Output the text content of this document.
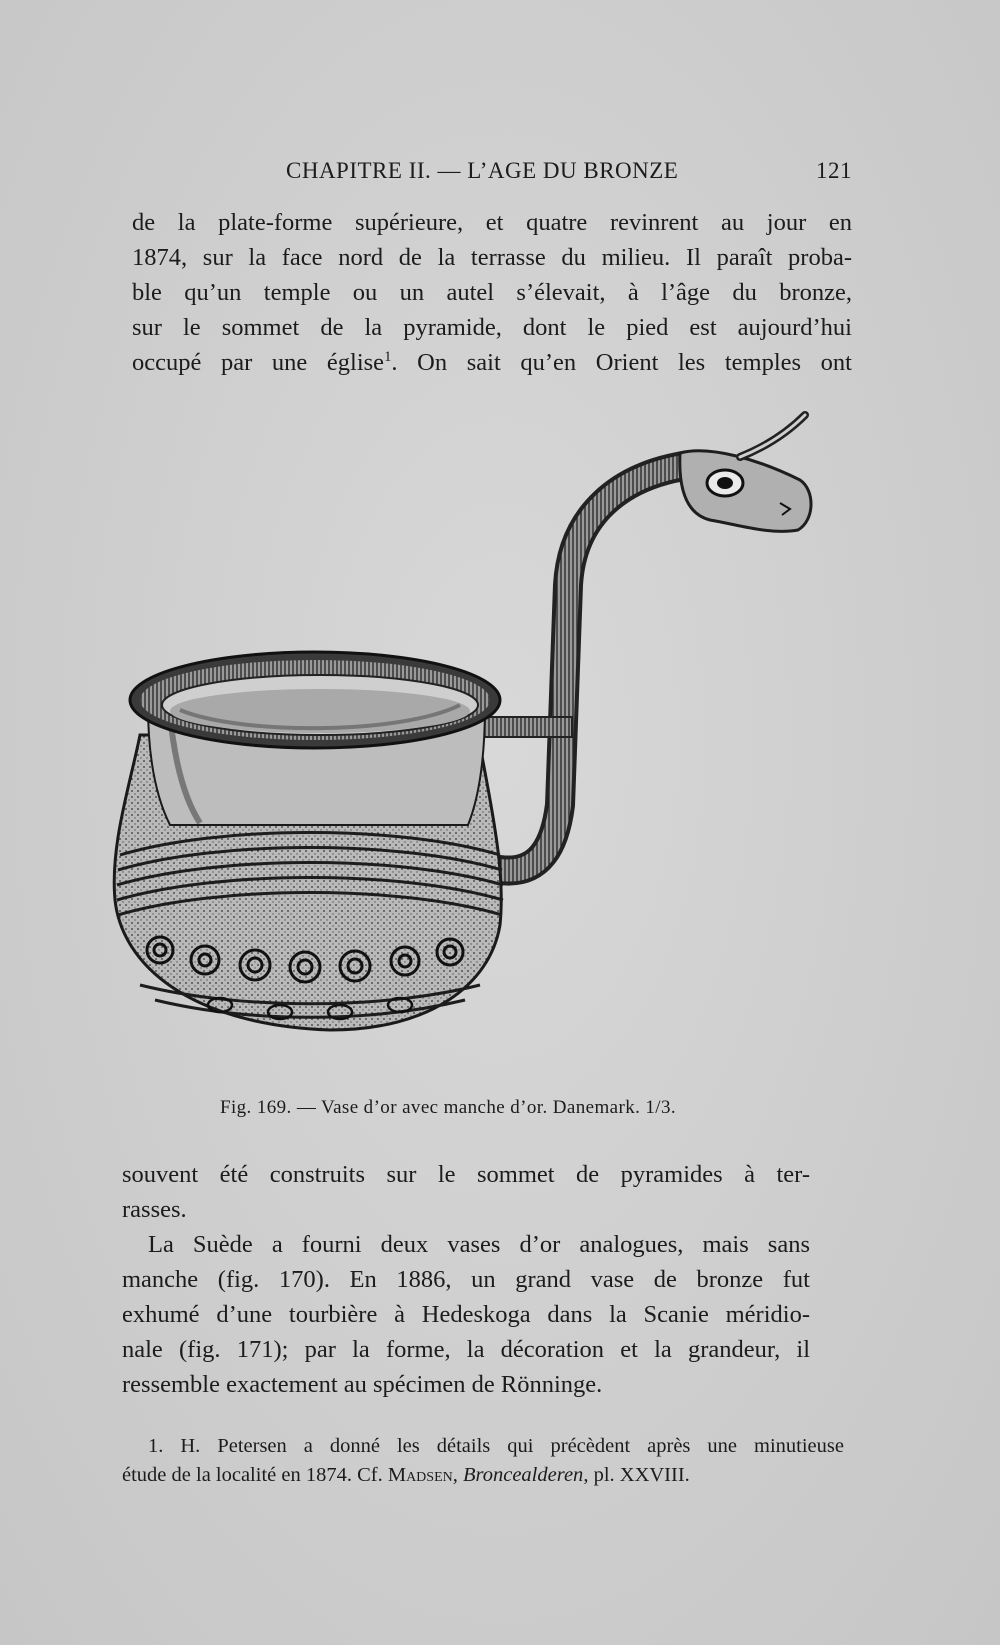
CHAPITRE II. — L’AGE DU BRONZE	121
de la plate-forme supérieure, et quatre revinrent au jour en
1874, sur la face nord de la terrasse du milieu. Il paraît proba-
ble qu’un temple ou un autel s’élevait, à l’âge du bronze,
sur le sommet de la pyramide, dont le pied est aujourd’hui
occupé par une église$^1$. On sait qu’en Orient les temples ont
Fig. 169. — Vase d’or avec manche d’or. Danemark. 1/3.
souvent été construits sur le sommet de pyramides à ter-
rasses.
La Suède a fourni deux vases d’or analogues, mais sans
manche (fig. 170). En 1886, un grand vase de bronze fut
exhumé d’une tourbière à Hedeskoga dans la Scanie méridio-
nale (fig. 171); par la forme, la décoration et la grandeur, il
ressemble exactement au spécimen de Rönninge.
1. H. Petersen a donné les détails qui précèdent après une minutieuse
étude de la localité en 1874. Cf. Madsen, Broncealderen, pl. XXVIII.
